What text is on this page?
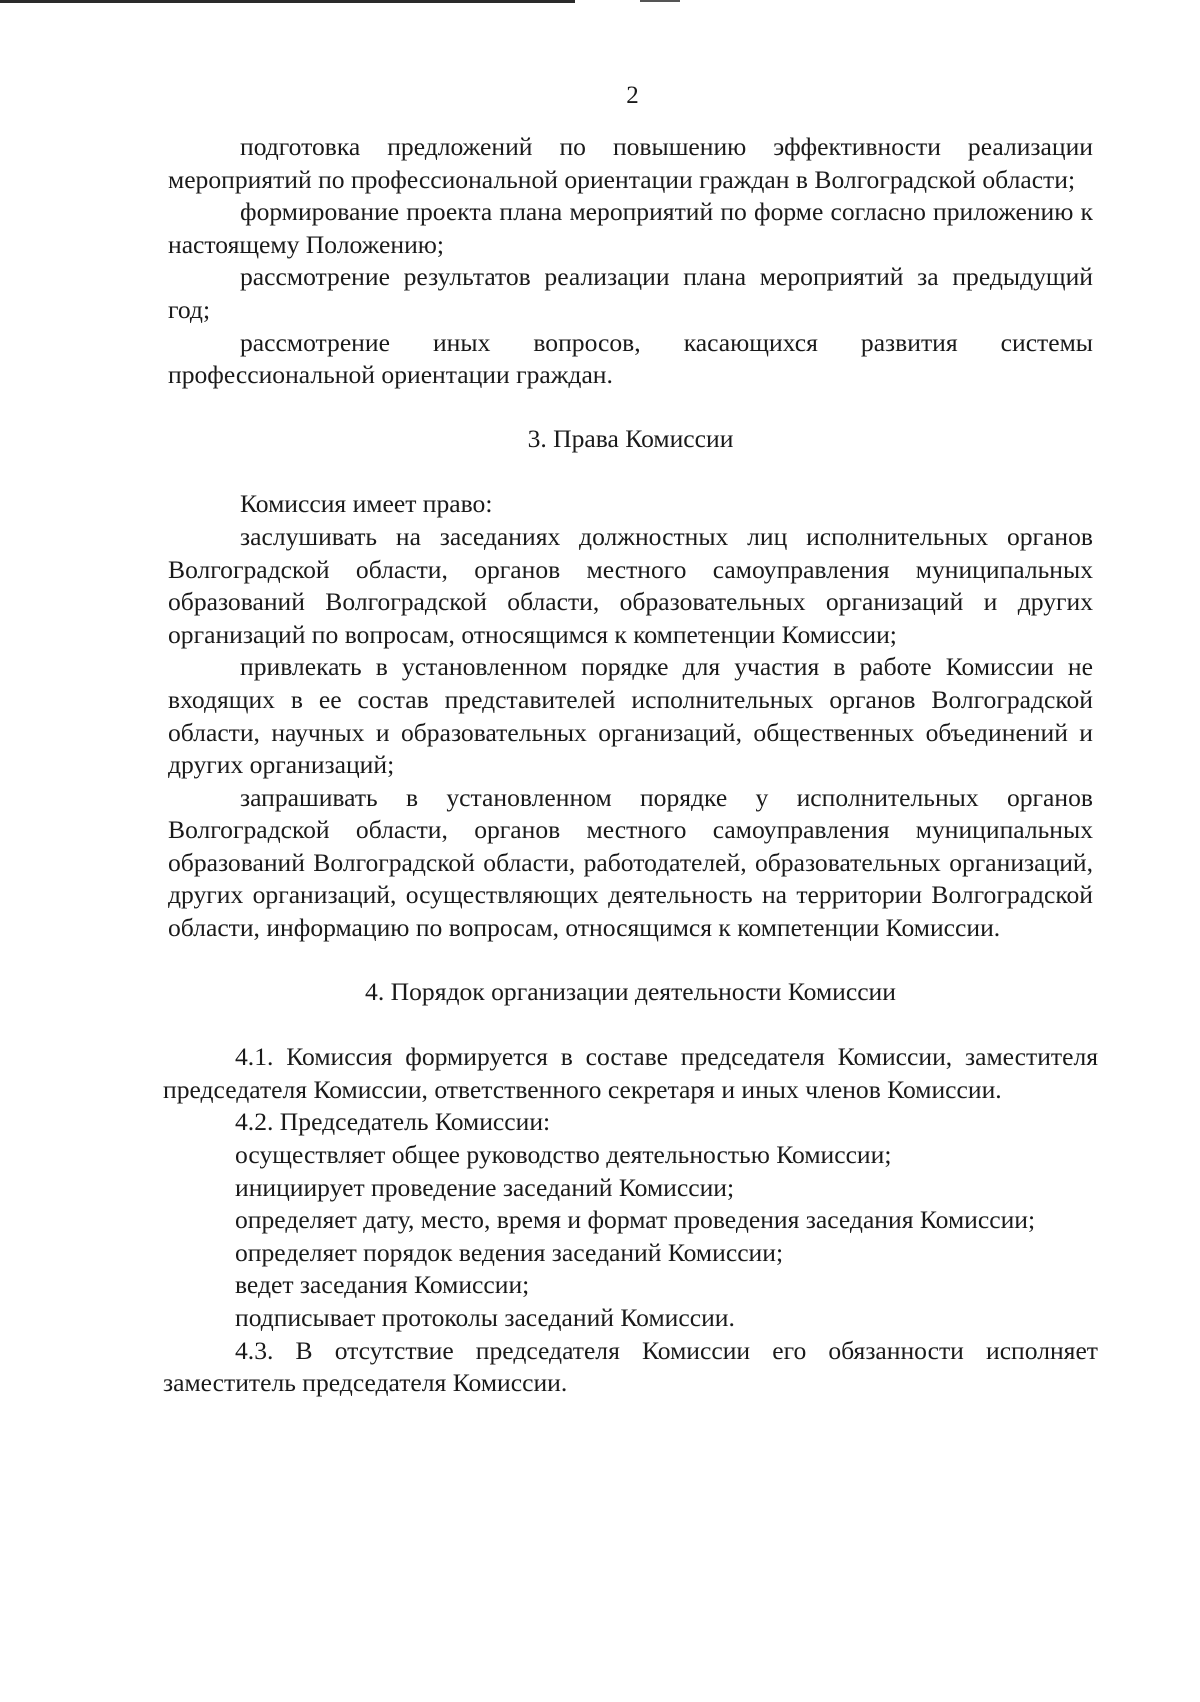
2

подготовка предложений по повышению эффективности реализации мероприятий по профессиональной ориентации граждан в Волгоградской области;

формирование проекта плана мероприятий по форме согласно приложению к настоящему Положению;

рассмотрение результатов реализации плана мероприятий за предыдущий год;

рассмотрение иных вопросов, касающихся развития системы профессиональной ориентации граждан.

3. Права Комиссии

Комиссия имеет право:

заслушивать на заседаниях должностных лиц исполнительных органов Волгоградской области, органов местного самоуправления муниципальных образований Волгоградской области, образовательных организаций и других организаций по вопросам, относящимся к компетенции Комиссии;

привлекать в установленном порядке для участия в работе Комиссии не входящих в ее состав представителей исполнительных органов Волгоградской области, научных и образовательных организаций, общественных объединений и других организаций;

запрашивать в установленном порядке у исполнительных органов Волгоградской области, органов местного самоуправления муниципальных образований Волгоградской области, работодателей, образовательных организаций, других организаций, осуществляющих деятельность на территории Волгоградской области, информацию по вопросам, относящимся к компетенции Комиссии.

4. Порядок организации деятельности Комиссии

4.1. Комиссия формируется в составе председателя Комиссии, заместителя председателя Комиссии, ответственного секретаря и иных членов Комиссии.

4.2. Председатель Комиссии:

осуществляет общее руководство деятельностью Комиссии;

инициирует проведение заседаний Комиссии;

определяет дату, место, время и формат проведения заседания Комиссии;

определяет порядок ведения заседаний Комиссии;

ведет заседания Комиссии;

подписывает протоколы заседаний Комиссии.

4.3. В отсутствие председателя Комиссии его обязанности исполняет заместитель председателя Комиссии.
